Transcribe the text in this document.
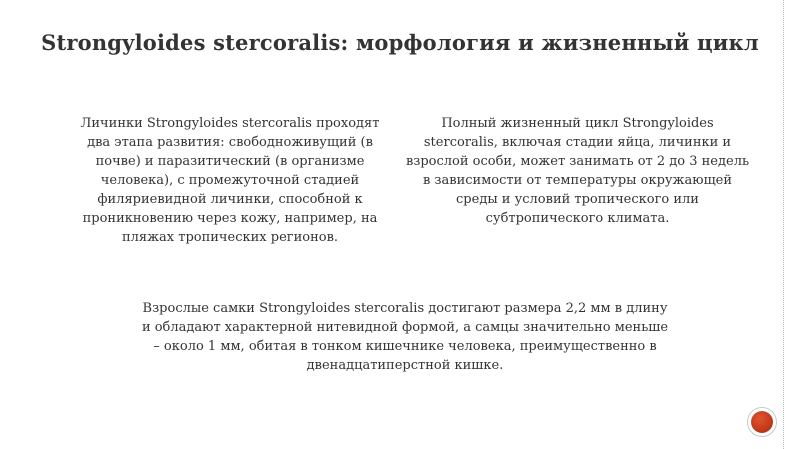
Strongyloides stercoralis: морфология и жизненный цикл
Личинки Strongyloides stercoralis проходят два этапа развития: свободноживущий (в почве) и паразитический (в организме человека), с промежуточной стадией филяриевидной личинки, способной к проникновению через кожу, например, на пляжах тропических регионов.
Полный жизненный цикл Strongyloides stercoralis, включая стадии яйца, личинки и взрослой особи, может занимать от 2 до 3 недель в зависимости от температуры окружающей среды и условий тропического или субтропического климата.
Взрослые самки Strongyloides stercoralis достигают размера 2,2 мм в длину и обладают характерной нитевидной формой, а самцы значительно меньше – около 1 мм, обитая в тонком кишечнике человека, преимущественно в двенадцатиперстной кишке.
